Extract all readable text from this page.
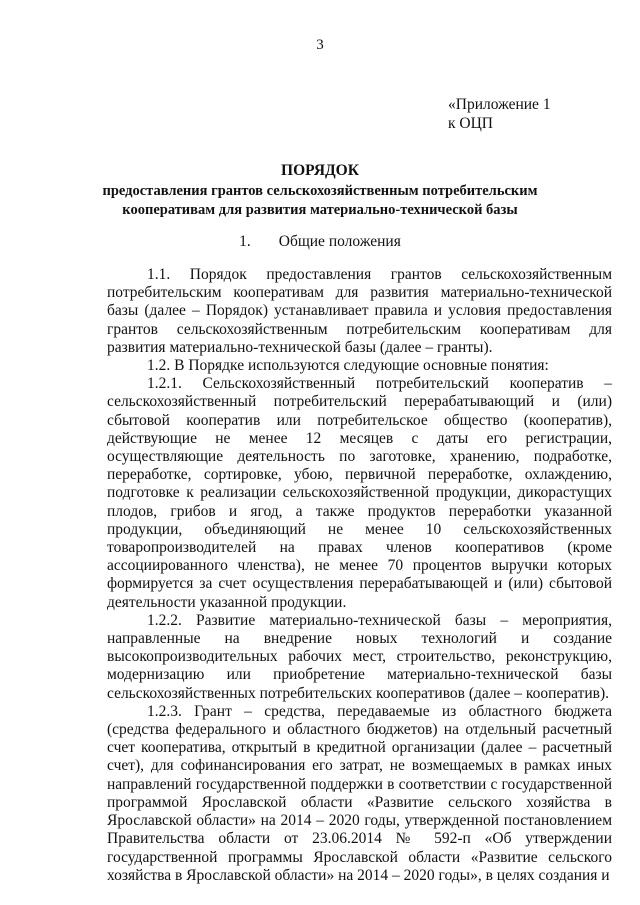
3
«Приложение 1
к ОЦП
ПОРЯДОК
предоставления грантов сельскохозяйственным потребительским
кооперативам для развития материально-технической базы
1. Общие положения

1.1. Порядок предоставления грантов сельскохозяйственным потребительским кооперативам для развития материально-технической базы (далее – Порядок) устанавливает правила и условия предоставления грантов сельскохозяйственным потребительским кооперативам для развития материально-технической базы (далее – гранты).

1.2. В Порядке используются следующие основные понятия:

1.2.1. Сельскохозяйственный потребительский кооператив – сельскохозяйственный потребительский перерабатывающий и (или) сбытовой кооператив или потребительское общество (кооператив), действующие не менее 12 месяцев с даты его регистрации, осуществляющие деятельность по заготовке, хранению, подработке, переработке, сортировке, убою, первичной переработке, охлаждению, подготовке к реализации сельскохозяйственной продукции, дикорастущих плодов, грибов и ягод, а также продуктов переработки указанной продукции, объединяющий не менее 10 сельскохозяйственных товаропроизводителей на правах членов кооперативов (кроме ассоциированного членства), не менее 70 процентов выручки которых формируется за счет осуществления перерабатывающей и (или) сбытовой деятельности указанной продукции.

1.2.2. Развитие материально-технической базы – мероприятия, направленные на внедрение новых технологий и создание высокопроизводительных рабочих мест, строительство, реконструкцию, модернизацию или приобретение материально-технической базы сельскохозяйственных потребительских кооперативов (далее – кооператив).

1.2.3. Грант – средства, передаваемые из областного бюджета (средства федерального и областного бюджетов) на отдельный расчетный счет кооператива, открытый в кредитной организации (далее – расчетный счет), для софинансирования его затрат, не возмещаемых в рамках иных направлений государственной поддержки в соответствии с государственной программой Ярославской области «Развитие сельского хозяйства в Ярославской области» на 2014 – 2020 годы, утвержденной постановлением Правительства области от 23.06.2014 № 592-п «Об утверждении государственной программы Ярославской области «Развитие сельского хозяйства в Ярославской области» на 2014 – 2020 годы», в целях создания и
